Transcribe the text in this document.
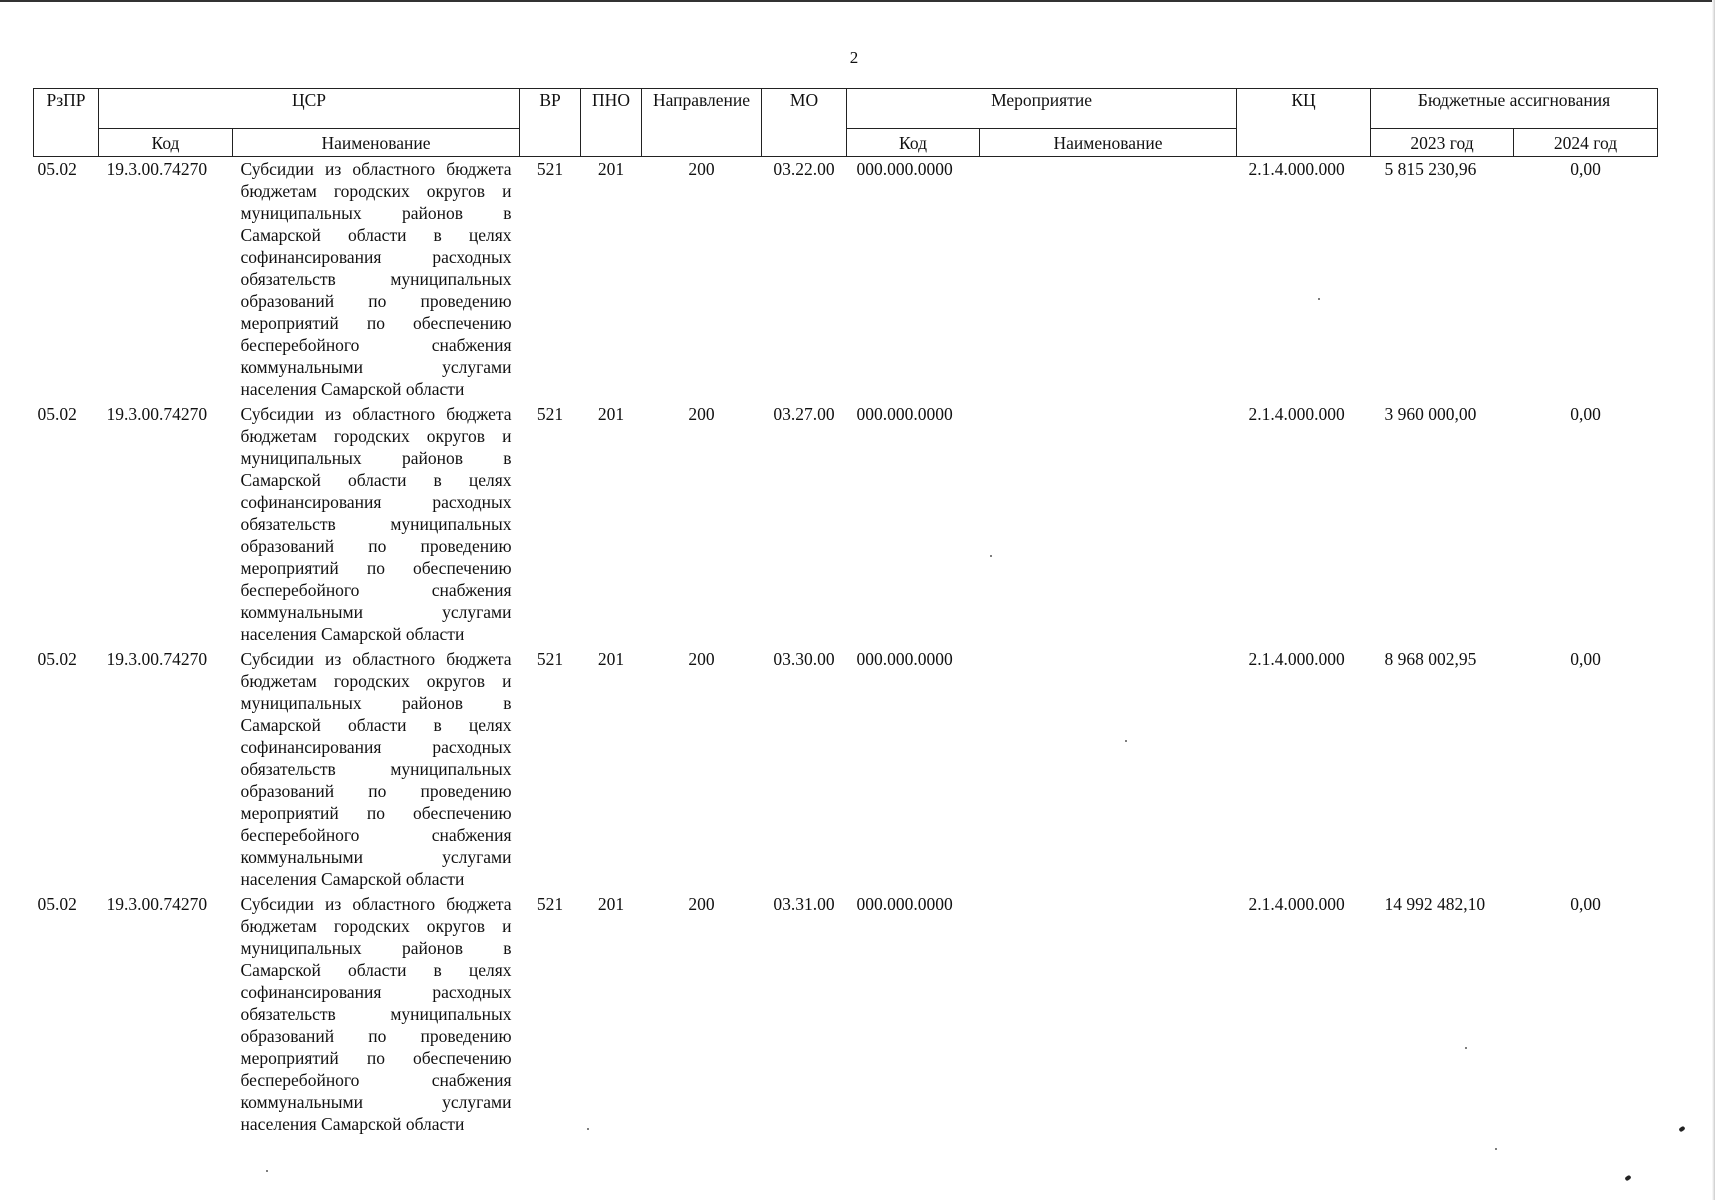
2
РзПР	ЦСР		ВР	ПНО	Направление	МО	Мероприятие		КЦ	Бюджетные ассигнования	
	Код	Наименование					Код	Наименование		2023 год	2024 год
05.02	19.3.00.74270	Субсидии из областного бюджета бюджетам городских округов и муниципальных районов в Самарской области в целях софинансирования расходных обязательств муниципальных образований по проведению мероприятий по обеспечению бесперебойного снабжения коммунальными услугами населения Самарской области	521	201	200	03.22.00	000.000.0000		2.1.4.000.000	5 815 230,96	0,00
05.02	19.3.00.74270	Субсидии из областного бюджета бюджетам городских округов и муниципальных районов в Самарской области в целях софинансирования расходных обязательств муниципальных образований по проведению мероприятий по обеспечению бесперебойного снабжения коммунальными услугами населения Самарской области	521	201	200	03.27.00	000.000.0000		2.1.4.000.000	3 960 000,00	0,00
05.02	19.3.00.74270	Субсидии из областного бюджета бюджетам городских округов и муниципальных районов в Самарской области в целях софинансирования расходных обязательств муниципальных образований по проведению мероприятий по обеспечению бесперебойного снабжения коммунальными услугами населения Самарской области	521	201	200	03.30.00	000.000.0000		2.1.4.000.000	8 968 002,95	0,00
05.02	19.3.00.74270	Субсидии из областного бюджета бюджетам городских округов и муниципальных районов в Самарской области в целях софинансирования расходных обязательств муниципальных образований по проведению мероприятий по обеспечению бесперебойного снабжения коммунальными услугами населения Самарской области	521	201	200	03.31.00	000.000.0000		2.1.4.000.000	14 992 482,10	0,00
